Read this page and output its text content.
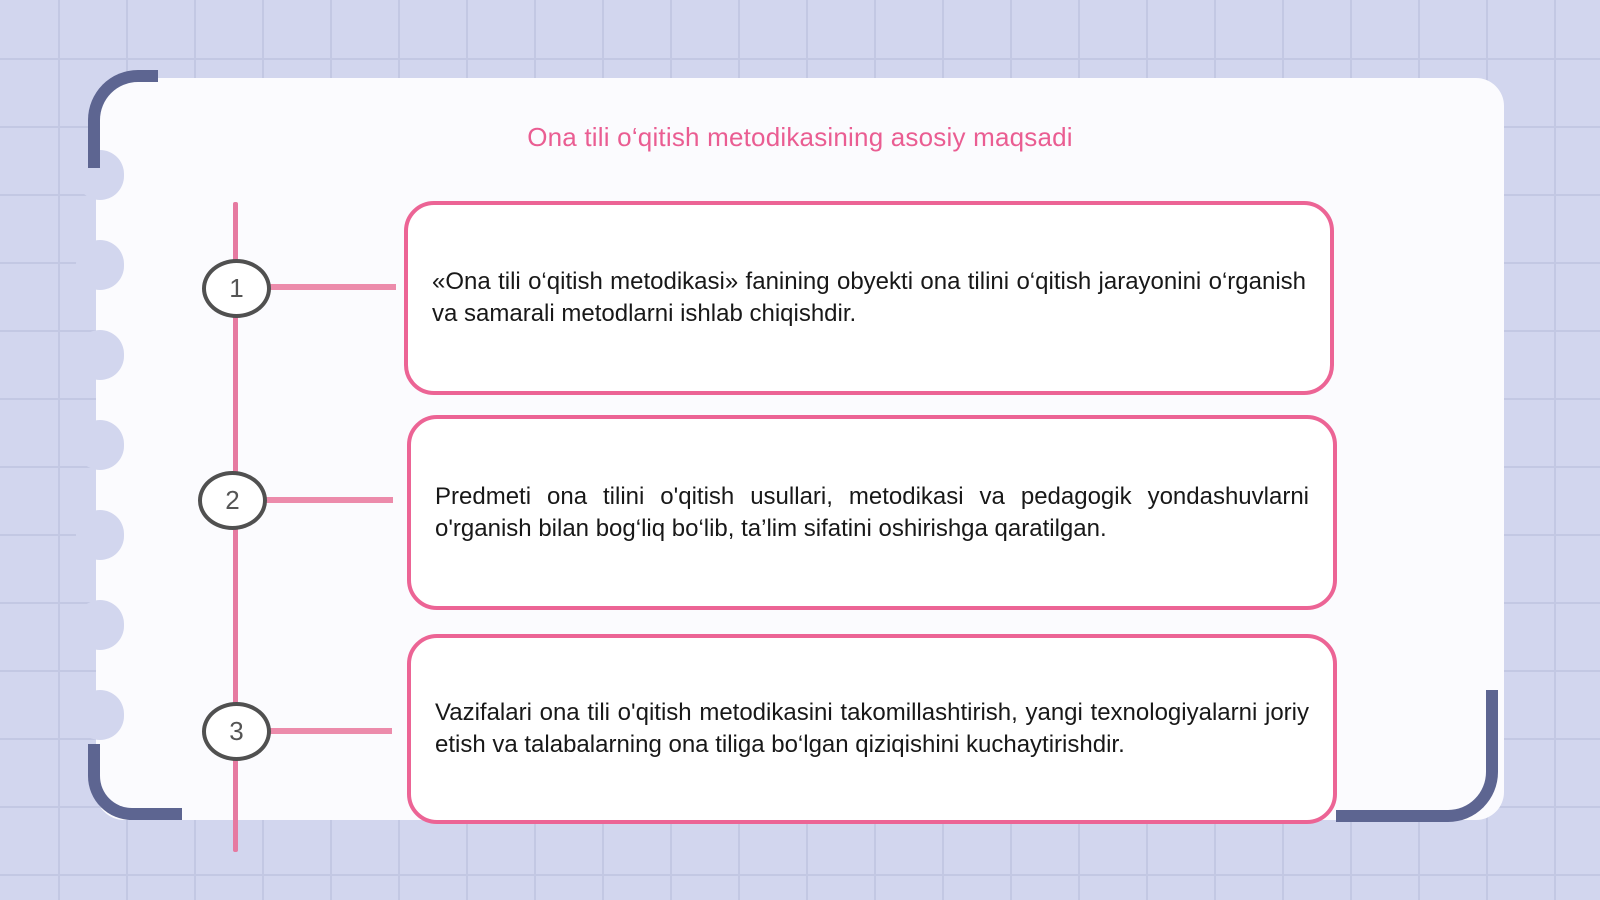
Ona tili o‘qitish metodikasining asosiy maqsadi
1
2
3

«Ona tili o‘qitish metodikasi» fanining obyekti ona tilini o‘qitish jarayonini o‘rganish va samarali metodlarni ishlab chiqishdir.

Predmeti ona tilini o'qitish usullari, metodikasi va pedagogik yondashuvlarni o'rganish bilan bog‘liq bo‘lib, ta’lim sifatini oshirishga qaratilgan.

Vazifalari ona tili o'qitish metodikasini takomillashtirish, yangi texnologiyalarni joriy etish va talabalarning ona tiliga bo‘lgan qiziqishini kuchaytirishdir.
